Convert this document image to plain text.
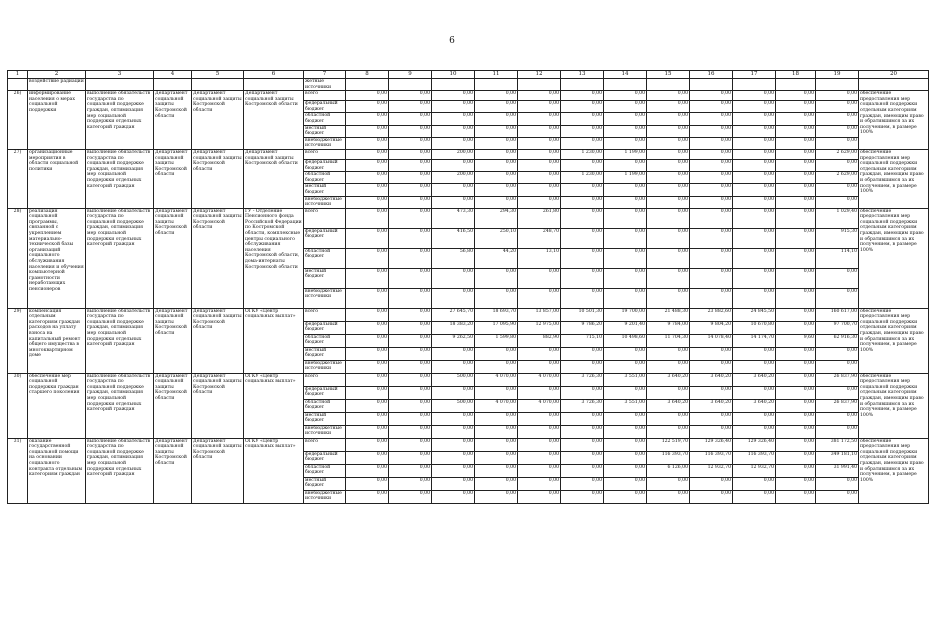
6
1	2	3	4	5	6	7	8	9	10	11	12	13	14	15	16	17	18	19	20
	воздействие радиации					жетные
источники													
26)	информирование населения о мерах социальной поддержки	выполнение обязательств государства по социальной поддержке граждан, оптимизация мер социальной поддержки отдельных категорий граждан	Департамент социальной защиты Костромской области	Департамент социальной защиты Костромской области	Департамент социальной защиты Костромской области	всего	0,00	0,00	0,00	0,00	0,00	0,00	0,00	0,00	0,00	0,00	0,00	0,00	обеспечение предоставления мер социальной поддержки отдельным категориям граждан, имеющим право и обратившимся за их получением, в размере 100%
						федеральный бюджет	0,00	0,00	0,00	0,00	0,00	0,00	0,00	0,00	0,00	0,00	0,00	0,00	
						областной бюджет	0,00	0,00	0,00	0,00	0,00	0,00	0,00	0,00	0,00	0,00	0,00	0,00	
						местный бюджет	0,00	0,00	0,00	0,00	0,00	0,00	0,00	0,00	0,00	0,00	0,00	0,00	
						внебюджетные источники	0,00	0,00	0,00	0,00	0,00	0,00	0,00	0,00	0,00	0,00	0,00	0,00	
27)	организационные мероприятия в области социальной политики	выполнение обязательств государства по социальной поддержке граждан, оптимизация мер социальной поддержки отдельных категорий граждан	Департамент социальной защиты Костромской области	Департамент социальной защиты Костромской области	Департамент социальной защиты Костромской области	всего	0,00	0,00	200,00	0,00	0,00	1 230,00	1 199,00	0,00	0,00	0,00	0,00	2 629,00	обеспечение предоставления мер социальной поддержки отдельным категориям граждан, имеющим право и обратившимся за их получением, в размере 100%
						федеральный бюджет	0,00	0,00	0,00	0,00	0,00	0,00	0,00	0,00	0,00	0,00	0,00	0,00	
						областной бюджет	0,00	0,00	200,00	0,00	0,00	1 230,00	1 199,00	0,00	0,00	0,00	0,00	2 629,00	
						местный бюджет	0,00	0,00	0,00	0,00	0,00	0,00	0,00	0,00	0,00	0,00	0,00	0,00	
						внебюджетные источники	0,00	0,00	0,00	0,00	0,00	0,00	0,00	0,00	0,00	0,00	0,00	0,00	
28)	реализация социальной программы, связанной с укреплением материально-технической базы организаций социального обслуживания населения и обучения компьютерной грамотности неработающих пенсионеров	выполнение обязательств государства по социальной поддержке граждан, оптимизация мер социальной поддержки отдельных категорий граждан	Департамент социальной защиты Костромской области	Департамент социальной защиты Костромской области	ГУ - Отделение Пенсионного фонда Российской Федерации по Костромской области, комплексные центры социального обслуживания населения Костромской области, дома-интернаты Костромской области	всего	0,00	0,00	473,30	294,30	261,80	0,00	0,00	0,00	0,00	0,00	0,00	1 029,40	обеспечение предоставления мер социальной поддержки отдельным категориям граждан, имеющим право и обратившимся за их получением, в размере 100%
						федеральный бюджет	0,00	0,00	416,50	250,10	248,70	0,00	0,00	0,00	0,00	0,00	0,00	915,30	
						областной бюджет	0,00	0,00	56,80	44,20	13,10	0,00	0,00	0,00	0,00	0,00	0,00	114,10	
						местный бюджет	0,00	0,00	0,00	0,00	0,00	0,00	0,00	0,00	0,00	0,00	0,00	0,00	
						внебюджетные источники	0,00	0,00	0,00	0,00	0,00	0,00	0,00	0,00	0,00	0,00	0,00	0,00	
29)	компенсация отдельным категориям граждан расходов на уплату взноса на капитальный ремонт общего имущества в многоквартирном доме	выполнение обязательств государства по социальной поддержке граждан, оптимизация мер социальной поддержки отдельных категорий граждан	Департамент социальной защиты Костромской области	Департамент социальной защиты Костромской области	ОГКУ «Центр социальных выплат»	всего	0,00	0,00	27 645,70	18 693,70	13 857,00	10 501,30	19 700,00	21 488,30	23 882,60	24 845,50	0,00	160 617,00	обеспечение предоставления мер социальной поддержки отдельным категориям граждан, имеющим право и обратившимся за их получением, в размере 100%
						федеральный бюджет	0,00	0,00	18 383,20	17 095,90	12 975,00	9 786,20	9 201,40	9 784,00	9 804,20	10 670,80	0,00	97 700,70	
						областной бюджет	0,00	0,00	9 262,50	1 599,80	882,90	715,10	10 498,60	11 704,30	14 078,40	14 174,70	9,60	62 916,30	
						местный бюджет	0,00	0,00	0,00	0,00	0,00	0,00	0,00	0,00	0,00	0,00	0,00	0,00	
						внебюджетные источники	0,00	0,00	0,00	0,00	0,00	0,00	0,00	0,00	0,00	0,00	0,00	0,00	
30)	обеспечение мер социальной поддержки граждан старшего поколения	выполнение обязательств государства по социальной поддержке граждан, оптимизация мер социальной поддержки отдельных категорий граждан	Департамент социальной защиты Костромской области	Департамент социальной защиты Костромской области	ОГКУ «Центр социальных выплат»	всего	0,00	0,00	500,00	4 070,00	4 070,00	3 726,30	3 551,00	3 640,20	3 640,20	3 640,20	0,00	26 837,90	обеспечение предоставления мер социальной поддержки отдельным категориям граждан, имеющим право и обратившимся за их получением, в размере 100%
						федеральный бюджет	0,00	0,00	0,00	0,00	0,00	0,00	0,00	0,00	0,00	0,00	0,00	0,00	
						областной бюджет	0,00	0,00	500,00	4 070,00	4 070,00	3 726,30	3 551,00	3 640,20	3 640,20	3 640,20	0,00	26 837,90	
						местный бюджет	0,00	0,00	0,00	0,00	0,00	0,00	0,00	0,00	0,00	0,00	0,00	0,00	
						внебюджетные источники	0,00	0,00	0,00	0,00	0,00	0,00	0,00	0,00	0,00	0,00	0,00	0,00	
31)	оказание государственной социальной помощи на основании социального контракта отдельным категориям граждан	выполнение обязательств государства по социальной поддержке граждан, оптимизация мер социальной поддержки отдельных категорий граждан	Департамент социальной защиты Костромской области	Департамент социальной защиты Костромской области	ОГКУ «Центр социальных выплат»	всего	0,00	0,00	0,00	0,00	0,00	0,00	0,00	122 519,70	129 326,40	129 326,40	0,00	381 172,50	обеспечение предоставления мер социальной поддержки отдельным категориям граждан, имеющим право и обратившимся за их получением, в размере 100%
						федеральный бюджет	0,00	0,00	0,00	0,00	0,00	0,00	0,00	116 393,70	116 393,70	116 393,70	0,00	349 181,10	
						областной бюджет	0,00	0,00	0,00	0,00	0,00	0,00	0,00	6 126,00	12 932,70	12 932,70	0,00	31 991,40	
						местный бюджет	0,00	0,00	0,00	0,00	0,00	0,00	0,00	0,00	0,00	0,00	0,00	0,00	
						внебюджетные источники	0,00	0,00	0,00	0,00	0,00	0,00	0,00	0,00	0,00	0,00	0,00	0,00	
